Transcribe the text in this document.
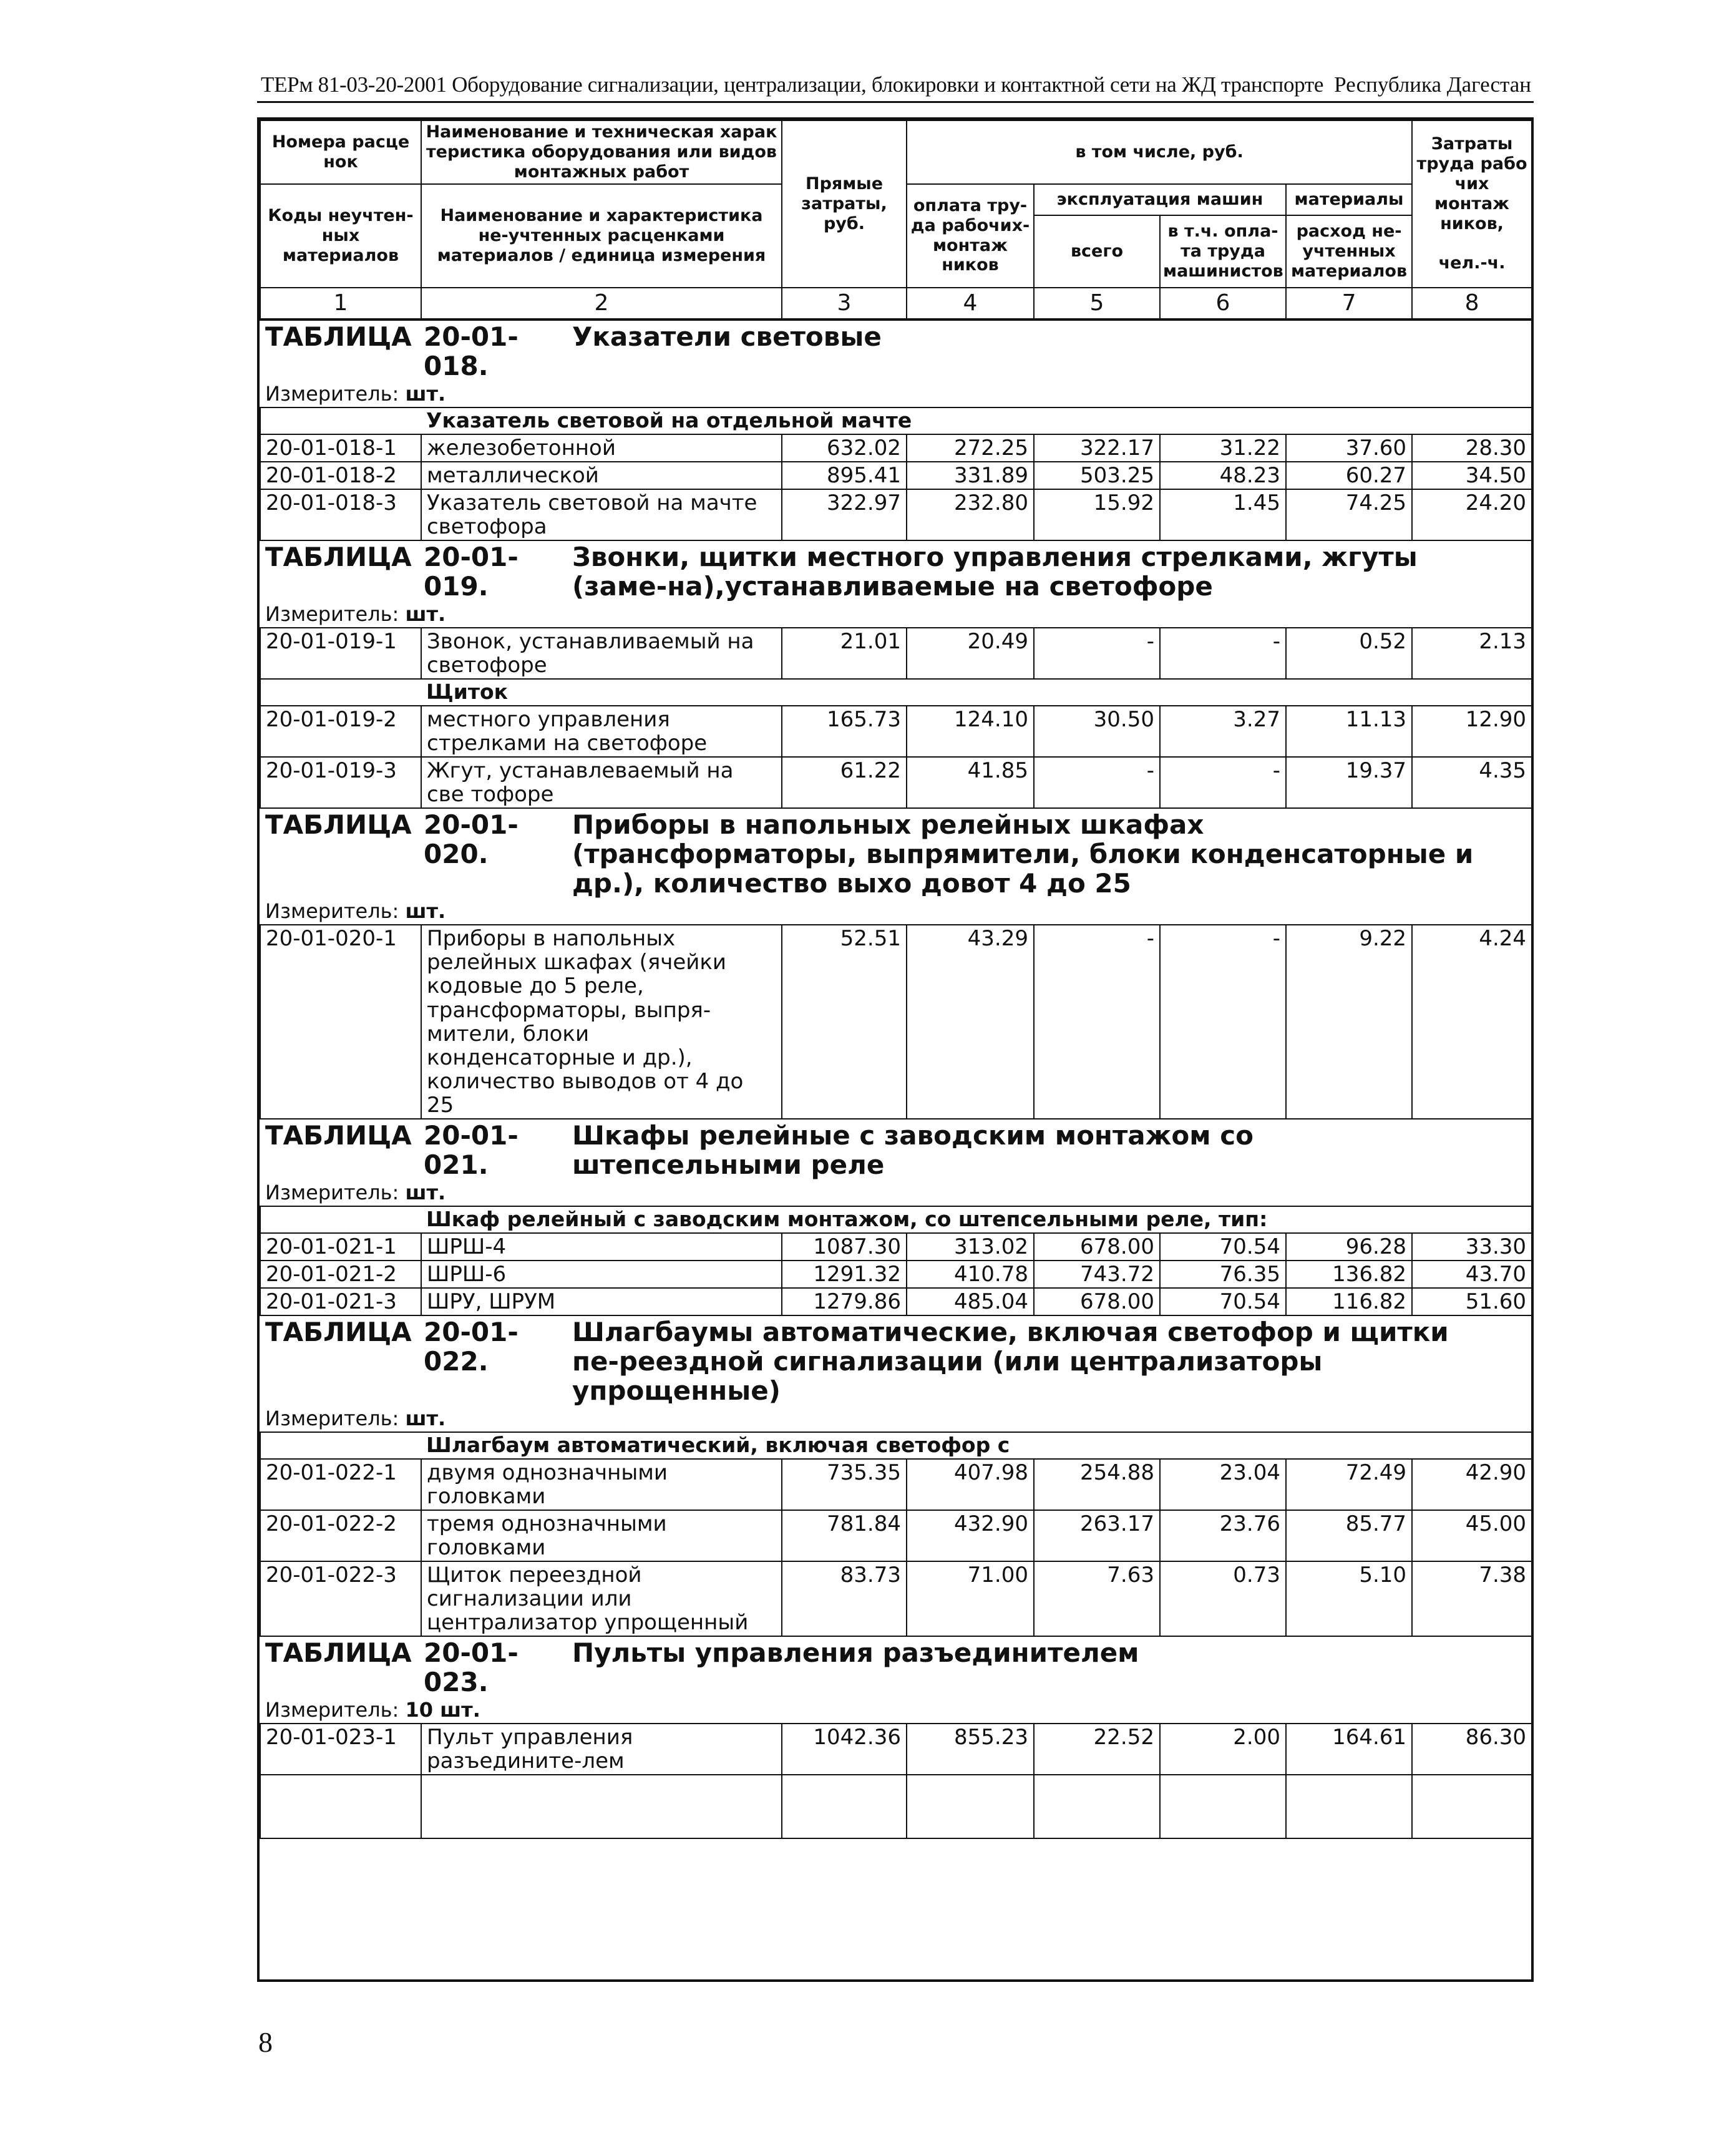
ТЕРм 81-03-20-2001 Оборудование сигнализации, централизации, блокировки и контактной сети на ЖД транспорте Республика Дагестан
Номера расце нок	Наименование и техническая харак теристика оборудования или видов монтажных работ	Прямые затраты, руб.	в том числе, руб.				Затраты труда рабо чих монтаж ников,

чел.-ч.
Коды неучтен-ных материалов	Наименование и характеристика не-учтенных расценками материалов / единица измерения		оплата тру-да рабочих-монтаж ников	эксплуатация машин		материалы	
				всего	в т.ч. опла-та труда машинистов	расход не-учтенных материалов	
1	2	3	4	5	6	7	8
ТАБЛИЦА 20-01-018.Указатели световые							
Измеритель: шт.							
	Указатель световой на отдельной мачте						
20-01-018-1	железобетонной	632.02	272.25	322.17	31.22	37.60	28.30
20-01-018-2	металлической	895.41	331.89	503.25	48.23	60.27	34.50
20-01-018-3	Указатель световой на мачте светофора	322.97	232.80	15.92	1.45	74.25	24.20
ТАБЛИЦА 20-01-019.Звонки, щитки местного управления стрелками, жгуты (заме-на),устанавливаемые на светофоре							
Измеритель: шт.							
20-01-019-1	Звонок, устанавливаемый на светофоре	21.01	20.49	-	-	0.52	2.13
	Щиток						
20-01-019-2	местного управления стрелками на светофоре	165.73	124.10	30.50	3.27	11.13	12.90
20-01-019-3	Жгут, устанавлеваемый на све тофоре	61.22	41.85	-	-	19.37	4.35
ТАБЛИЦА 20-01-020.Приборы в напольных релейных шкафах (трансформаторы, выпрямители, блоки конденсаторные и др.), количество выхо довот 4 до 25							
Измеритель: шт.							
20-01-020-1	Приборы в напольных релейных шкафах (ячейки кодовые до 5 реле, трансформаторы, выпря-мители, блоки конденсаторные и др.), количество выводов от 4 до 25	52.51	43.29	-	-	9.22	4.24
ТАБЛИЦА 20-01-021.Шкафы релейные с заводским монтажом со штепсельными реле							
Измеритель: шт.							
	Шкаф релейный с заводским монтажом, со штепсельными реле, тип:						
20-01-021-1	ШРШ-4	1087.30	313.02	678.00	70.54	96.28	33.30
20-01-021-2	ШРШ-6	1291.32	410.78	743.72	76.35	136.82	43.70
20-01-021-3	ШРУ, ШРУМ	1279.86	485.04	678.00	70.54	116.82	51.60
ТАБЛИЦА 20-01-022.Шлагбаумы автоматические, включая светофор и щитки пе-реездной сигнализации (или централизаторы упрощенные)							
Измеритель: шт.							
	Шлагбаум автоматический, включая светофор с						
20-01-022-1	двумя однозначными головками	735.35	407.98	254.88	23.04	72.49	42.90
20-01-022-2	тремя однозначными головками	781.84	432.90	263.17	23.76	85.77	45.00
20-01-022-3	Щиток переездной сигнализации или централизатор упрощенный	83.73	71.00	7.63	0.73	5.10	7.38
ТАБЛИЦА 20-01-023.Пульты управления разъединителем							
Измеритель: 10 шт.							
20-01-023-1	Пульт управления разъедините-лем	1042.36	855.23	22.52	2.00	164.61	86.30

8
